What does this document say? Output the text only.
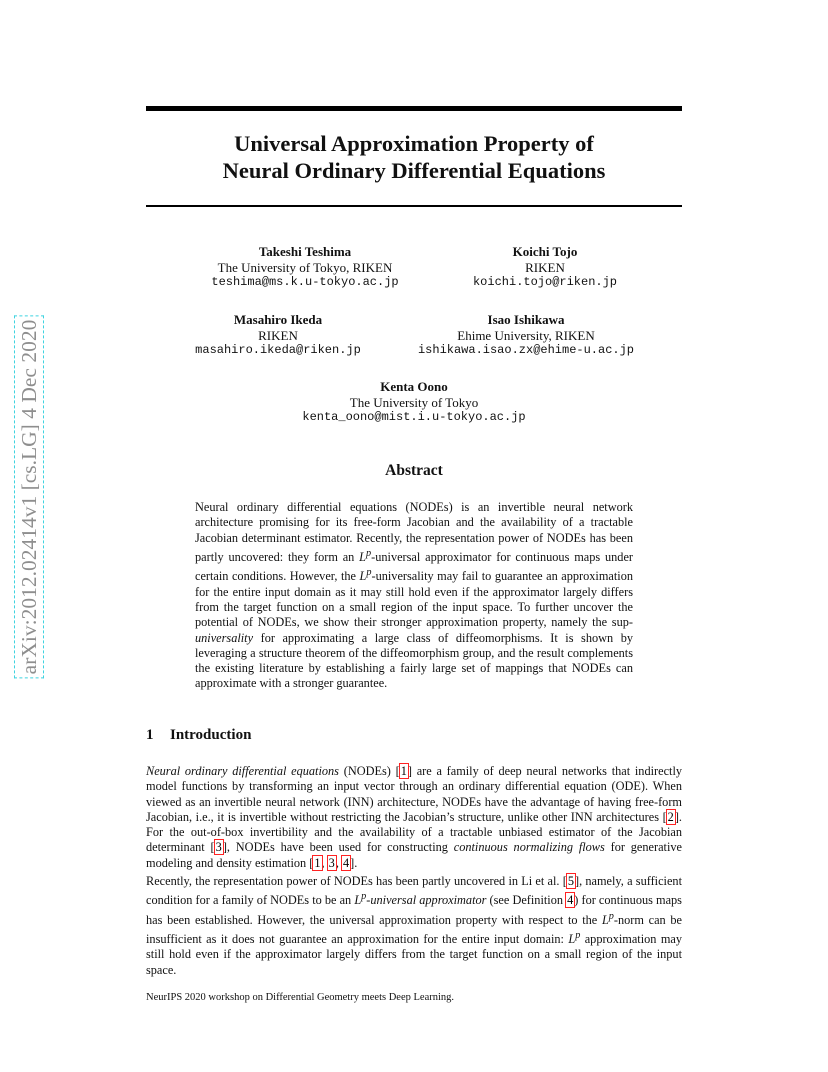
arXiv:2012.02414v1 [cs.LG] 4 Dec 2020
Universal Approximation Property of
Neural Ordinary Differential Equations
Takeshi Teshima
The University of Tokyo, RIKEN
teshima@ms.k.u-tokyo.ac.jp
Koichi Tojo
RIKEN
koichi.tojo@riken.jp
Masahiro Ikeda
RIKEN
masahiro.ikeda@riken.jp
Isao Ishikawa
Ehime University, RIKEN
ishikawa.isao.zx@ehime-u.ac.jp
Kenta Oono
The University of Tokyo
kenta_oono@mist.i.u-tokyo.ac.jp
Abstract
Neural ordinary differential equations (NODEs) is an invertible neural network architecture promising for its free-form Jacobian and the availability of a tractable Jacobian determinant estimator. Recently, the representation power of NODEs has been partly uncovered: they form an $L^p$-universal approximator for continuous maps under certain conditions. However, the $L^p$-universality may fail to guarantee an approximation for the entire input domain as it may still hold even if the approximator largely differs from the target function on a small region of the input space. To further uncover the potential of NODEs, we show their stronger approximation property, namely the sup-universality for approximating a large class of diffeomorphisms. It is shown by leveraging a structure theorem of the diffeomorphism group, and the result complements the existing literature by establishing a fairly large set of mappings that NODEs can approximate with a stronger guarantee.
1 Introduction
Neural ordinary differential equations (NODEs) [1] are a family of deep neural networks that indirectly model functions by transforming an input vector through an ordinary differential equation (ODE). When viewed as an invertible neural network (INN) architecture, NODEs have the advantage of having free-form Jacobian, i.e., it is invertible without restricting the Jacobian’s structure, unlike other INN architectures [2]. For the out-of-box invertibility and the availability of a tractable unbiased estimator of the Jacobian determinant [3], NODEs have been used for constructing continuous normalizing flows for generative modeling and density estimation [1, 3, 4].
Recently, the representation power of NODEs has been partly uncovered in Li et al. [5], namely, a sufficient condition for a family of NODEs to be an $L^p$-universal approximator (see Definition 4) for continuous maps has been established. However, the universal approximation property with respect to the $L^p$-norm can be insufficient as it does not guarantee an approximation for the entire input domain: $L^p$ approximation may still hold even if the approximator largely differs from the target function on a small region of the input space.
NeurIPS 2020 workshop on Differential Geometry meets Deep Learning.
